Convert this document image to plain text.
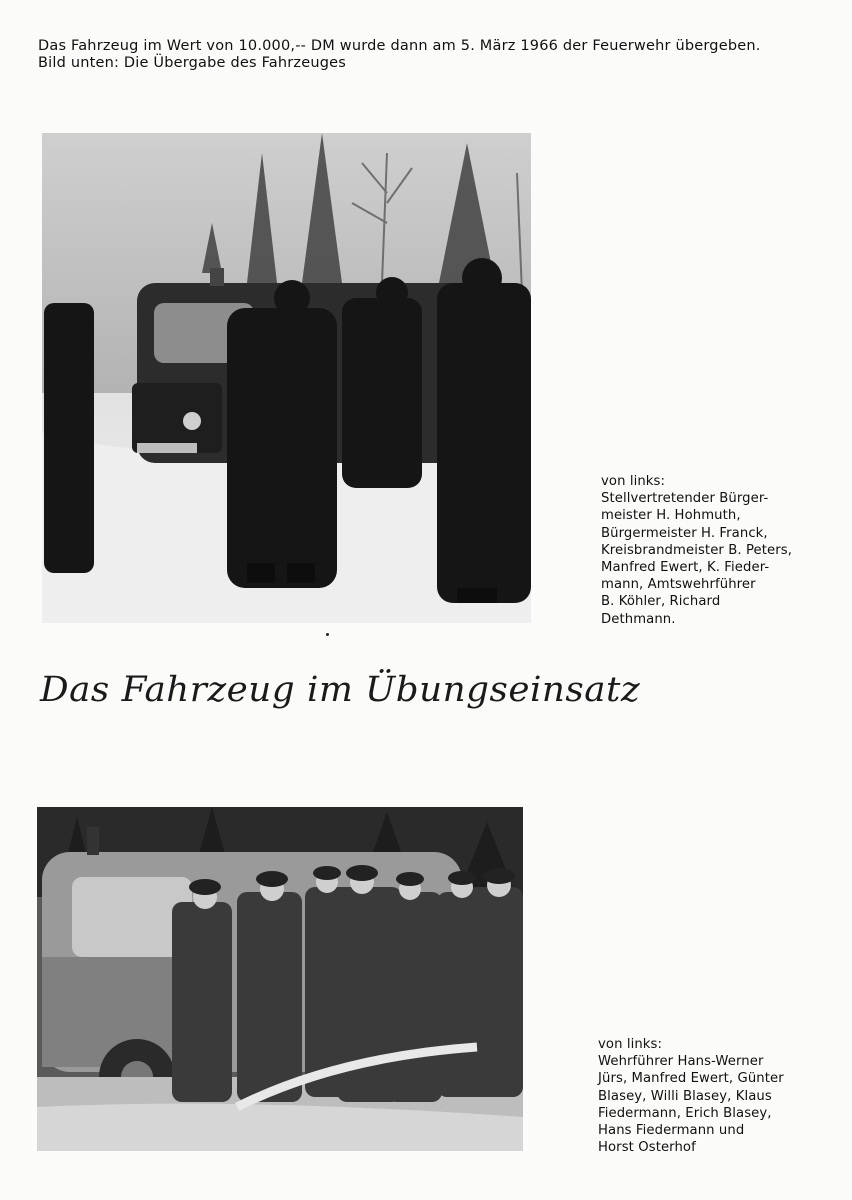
Das Fahrzeug im Wert von 10.000,-- DM wurde dann am 5. März 1966 der Feuerwehr übergeben.

Bild unten: Die Übergabe des Fahrzeuges

von links:

Stellvertretender Bürger-

meister H. Hohmuth,

Bürgermeister H. Franck,

Kreisbrandmeister B. Peters,

Manfred Ewert, K. Fieder-

mann, Amtswehrführer

B. Köhler, Richard

Dethmann.

Das Fahrzeug im Übungseinsatz

von links:

Wehrführer Hans-Werner

Jürs, Manfred Ewert, Günter

Blasey, Willi Blasey, Klaus

Fiedermann, Erich Blasey,

Hans Fiedermann und

Horst Osterhof
